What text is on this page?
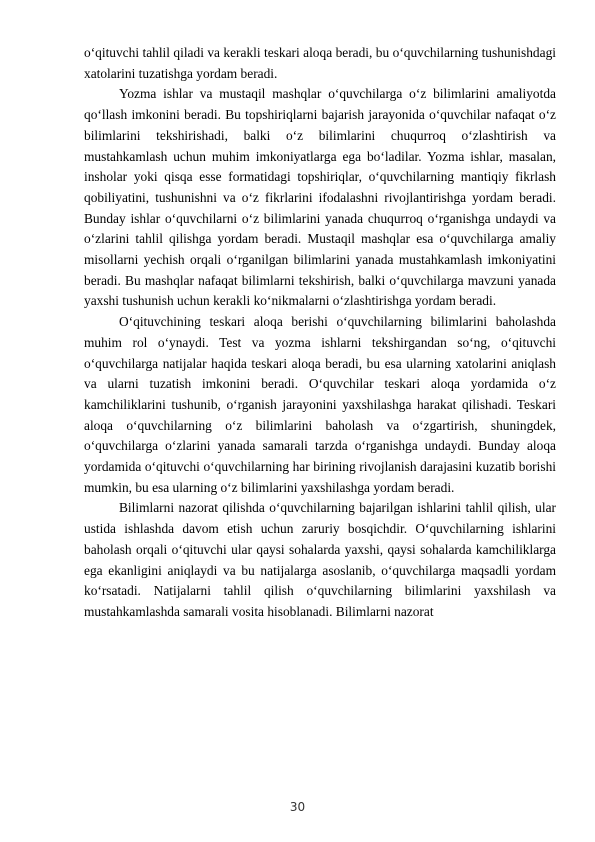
o‘qituvchi tahlil qiladi va kerakli teskari aloqa beradi, bu o‘quvchilarning tushunishdagi xatolarini tuzatishga yordam beradi.

Yozma ishlar va mustaqil mashqlar o‘quvchilarga o‘z bilimlarini amaliyotda qo‘llash imkonini beradi. Bu topshiriqlarni bajarish jarayonida o‘quvchilar nafaqat o‘z bilimlarini tekshirishadi, balki o‘z bilimlarini chuqurroq o‘zlashtirish va mustahkamlash uchun muhim imkoniyatlarga ega bo‘ladilar. Yozma ishlar, masalan, insholar yoki qisqa esse formatidagi topshiriqlar, o‘quvchilarning mantiqiy fikrlash qobiliyatini, tushunishni va o‘z fikrlarini ifodalashni rivojlantirishga yordam beradi. Bunday ishlar o‘quvchilarni o‘z bilimlarini yanada chuqurroq o‘rganishga undaydi va o‘zlarini tahlil qilishga yordam beradi. Mustaqil mashqlar esa o‘quvchilarga amaliy misollarni yechish orqali o‘rganilgan bilimlarini yanada mustahkamlash imkoniyatini beradi. Bu mashqlar nafaqat bilimlarni tekshirish, balki o‘quvchilarga mavzuni yanada yaxshi tushunish uchun kerakli ko‘nikmalarni o‘zlashtirishga yordam beradi.

O‘qituvchining teskari aloqa berishi o‘quvchilarning bilimlarini baholashda muhim rol o‘ynaydi. Test va yozma ishlarni tekshirgandan so‘ng, o‘qituvchi o‘quvchilarga natijalar haqida teskari aloqa beradi, bu esa ularning xatolarini aniqlash va ularni tuzatish imkonini beradi. O‘quvchilar teskari aloqa yordamida o‘z kamchiliklarini tushunib, o‘rganish jarayonini yaxshilashga harakat qilishadi. Teskari aloqa o‘quvchilarning o‘z bilimlarini baholash va o‘zgartirish, shuningdek, o‘quvchilarga o‘zlarini yanada samarali tarzda o‘rganishga undaydi. Bunday aloqa yordamida o‘qituvchi o‘quvchilarning har birining rivojlanish darajasini kuzatib borishi mumkin, bu esa ularning o‘z bilimlarini yaxshilashga yordam beradi.

Bilimlarni nazorat qilishda o‘quvchilarning bajarilgan ishlarini tahlil qilish, ular ustida ishlashda davom etish uchun zaruriy bosqichdir. O‘quvchilarning ishlarini baholash orqali o‘qituvchi ular qaysi sohalarda yaxshi, qaysi sohalarda kamchiliklarga ega ekanligini aniqlaydi va bu natijalarga asoslanib, o‘quvchilarga maqsadli yordam ko‘rsatadi. Natijalarni tahlil qilish o‘quvchilarning bilimlarini yaxshilash va mustahkamlashda samarali vosita hisoblanadi. Bilimlarni nazorat

30
